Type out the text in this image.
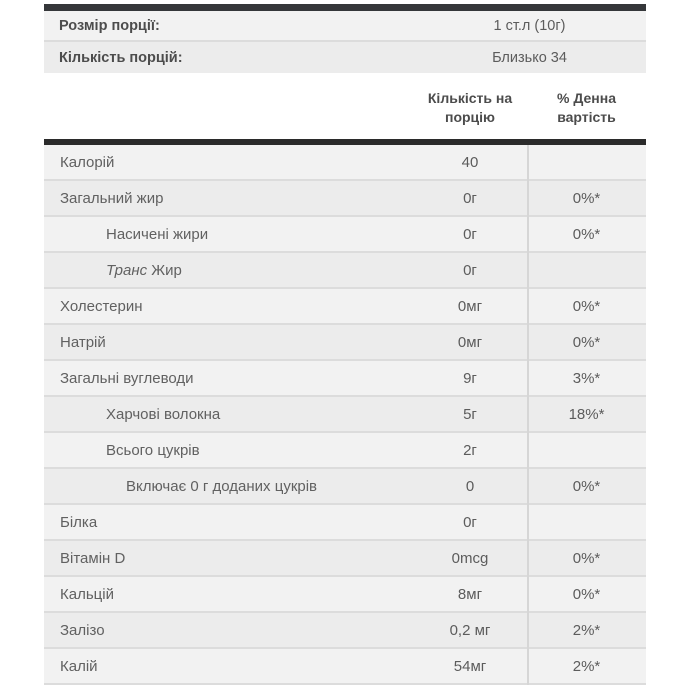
Розмір порції:	1 ст.л (10г)
Кількість порцій:	Близько 34
Кількість на
порцію
% Денна
вартість
Калорій	40
Загальний жир	0г	0%*
Насичені жири	0г	0%*
Транс Жир	0г
Холестерин	0мг	0%*
Натрій	0мг	0%*
Загальні вуглеводи	9г	3%*
Харчові волокна	5г	18%*
Всього цукрів	2г
Включає 0 г доданих цукрів	0	0%*
Білка	0г
Вітамін D	0mcg	0%*
Кальцій	8мг	0%*
Залізо	0,2 мг	2%*
Калій	54мг	2%*
